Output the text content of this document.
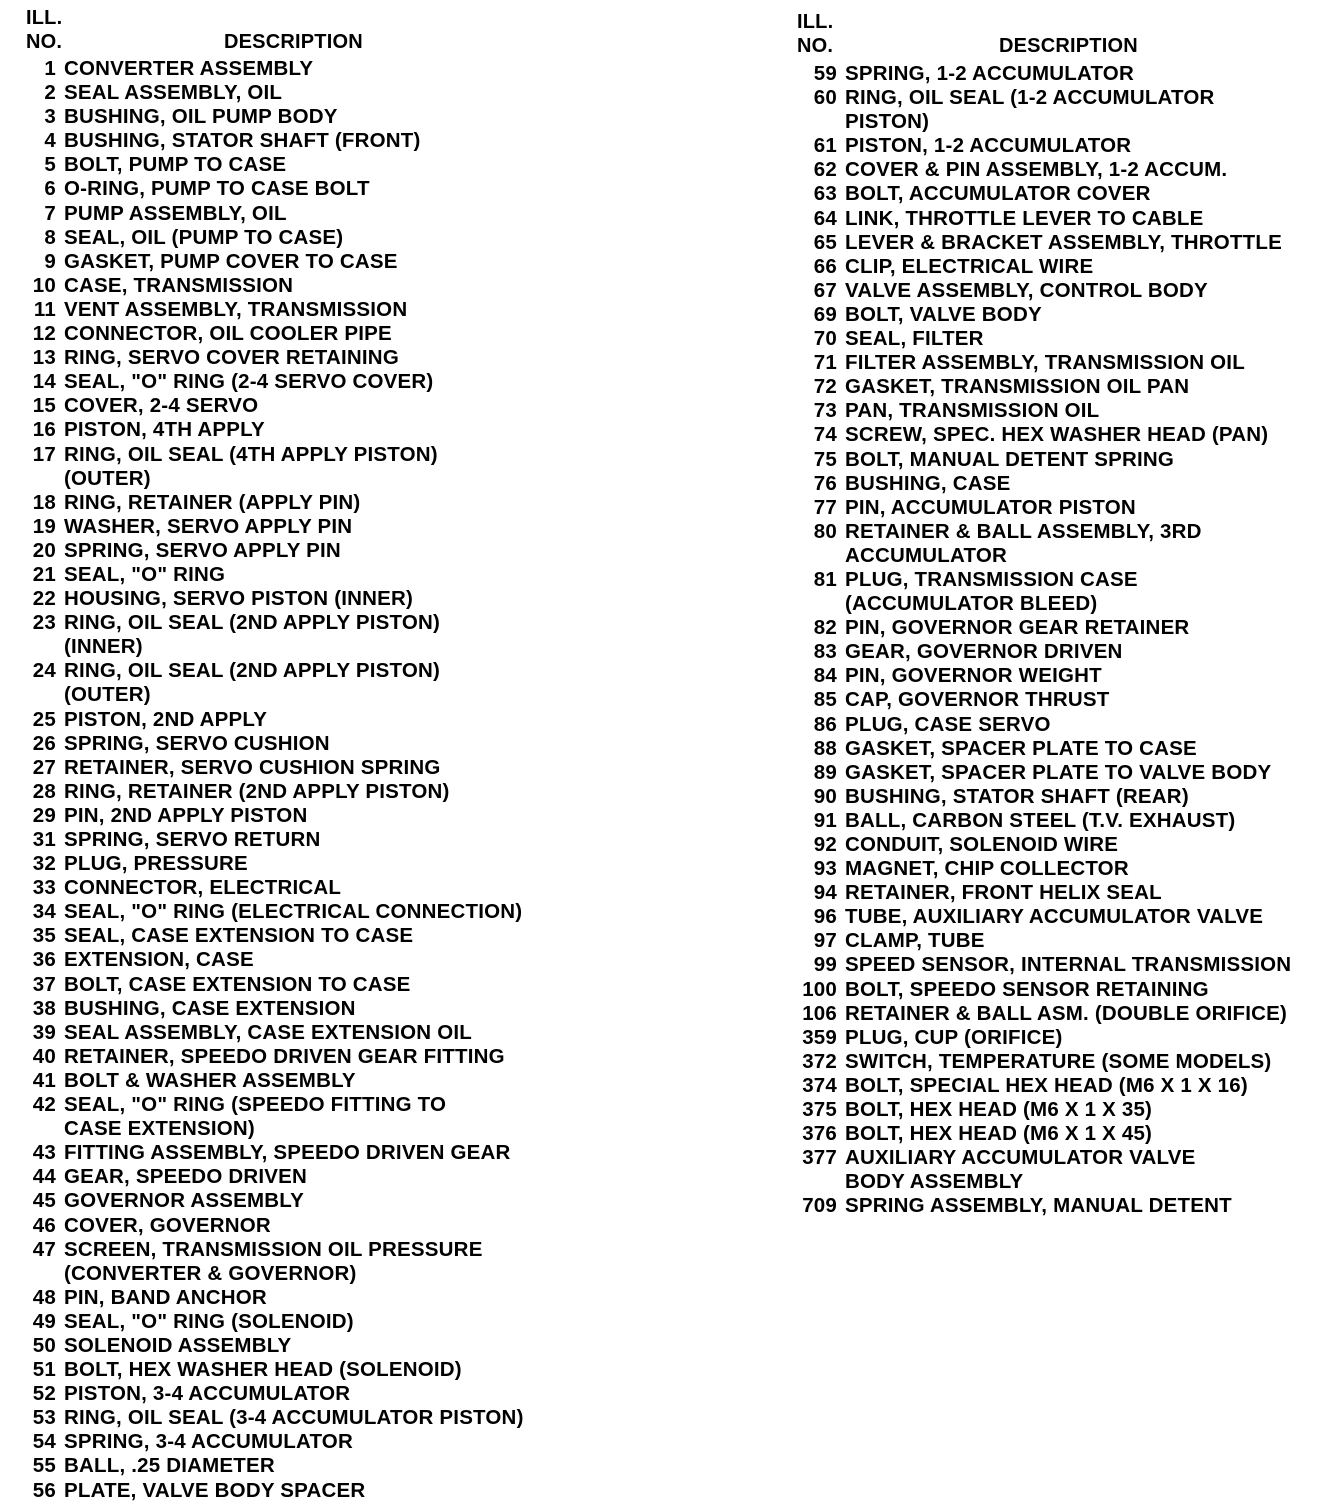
ILL.
NO.	DESCRIPTION
1 CONVERTER ASSEMBLY
2 SEAL ASSEMBLY, OIL
3 BUSHING, OIL PUMP BODY
4 BUSHING, STATOR SHAFT (FRONT)
5 BOLT, PUMP TO CASE
6 O-RING, PUMP TO CASE BOLT
7 PUMP ASSEMBLY, OIL
8 SEAL, OIL (PUMP TO CASE)
9 GASKET, PUMP COVER TO CASE
10 CASE, TRANSMISSION
11 VENT ASSEMBLY, TRANSMISSION
12 CONNECTOR, OIL COOLER PIPE
13 RING, SERVO COVER RETAINING
14 SEAL, "O" RING (2-4 SERVO COVER)
15 COVER, 2-4 SERVO
16 PISTON, 4TH APPLY
17 RING, OIL SEAL (4TH APPLY PISTON)
(OUTER)
18 RING, RETAINER (APPLY PIN)
19 WASHER, SERVO APPLY PIN
20 SPRING, SERVO APPLY PIN
21 SEAL, "O" RING
22 HOUSING, SERVO PISTON (INNER)
23 RING, OIL SEAL (2ND APPLY PISTON)
(INNER)
24 RING, OIL SEAL (2ND APPLY PISTON)
(OUTER)
25 PISTON, 2ND APPLY
26 SPRING, SERVO CUSHION
27 RETAINER, SERVO CUSHION SPRING
28 RING, RETAINER (2ND APPLY PISTON)
29 PIN, 2ND APPLY PISTON
31 SPRING, SERVO RETURN
32 PLUG, PRESSURE
33 CONNECTOR, ELECTRICAL
34 SEAL, "O" RING (ELECTRICAL CONNECTION)
35 SEAL, CASE EXTENSION TO CASE
36 EXTENSION, CASE
37 BOLT, CASE EXTENSION TO CASE
38 BUSHING, CASE EXTENSION
39 SEAL ASSEMBLY, CASE EXTENSION OIL
40 RETAINER, SPEEDO DRIVEN GEAR FITTING
41 BOLT & WASHER ASSEMBLY
42 SEAL, "O" RING (SPEEDO FITTING TO
CASE EXTENSION)
43 FITTING ASSEMBLY, SPEEDO DRIVEN GEAR
44 GEAR, SPEEDO DRIVEN
45 GOVERNOR ASSEMBLY
46 COVER, GOVERNOR
47 SCREEN, TRANSMISSION OIL PRESSURE
(CONVERTER & GOVERNOR)
48 PIN, BAND ANCHOR
49 SEAL, "O" RING (SOLENOID)
50 SOLENOID ASSEMBLY
51 BOLT, HEX WASHER HEAD (SOLENOID)
52 PISTON, 3-4 ACCUMULATOR
53 RING, OIL SEAL (3-4 ACCUMULATOR PISTON)
54 SPRING, 3-4 ACCUMULATOR
55 BALL, .25 DIAMETER
56 PLATE, VALVE BODY SPACER
ILL.
NO.	DESCRIPTION
59 SPRING, 1-2 ACCUMULATOR
60 RING, OIL SEAL (1-2 ACCUMULATOR
PISTON)
61 PISTON, 1-2 ACCUMULATOR
62 COVER & PIN ASSEMBLY, 1-2 ACCUM.
63 BOLT, ACCUMULATOR COVER
64 LINK, THROTTLE LEVER TO CABLE
65 LEVER & BRACKET ASSEMBLY, THROTTLE
66 CLIP, ELECTRICAL WIRE
67 VALVE ASSEMBLY, CONTROL BODY
69 BOLT, VALVE BODY
70 SEAL, FILTER
71 FILTER ASSEMBLY, TRANSMISSION OIL
72 GASKET, TRANSMISSION OIL PAN
73 PAN, TRANSMISSION OIL
74 SCREW, SPEC. HEX WASHER HEAD (PAN)
75 BOLT, MANUAL DETENT SPRING
76 BUSHING, CASE
77 PIN, ACCUMULATOR PISTON
80 RETAINER & BALL ASSEMBLY, 3RD
ACCUMULATOR
81 PLUG, TRANSMISSION CASE
(ACCUMULATOR BLEED)
82 PIN, GOVERNOR GEAR RETAINER
83 GEAR, GOVERNOR DRIVEN
84 PIN, GOVERNOR WEIGHT
85 CAP, GOVERNOR THRUST
86 PLUG, CASE SERVO
88 GASKET, SPACER PLATE TO CASE
89 GASKET, SPACER PLATE TO VALVE BODY
90 BUSHING, STATOR SHAFT (REAR)
91 BALL, CARBON STEEL (T.V. EXHAUST)
92 CONDUIT, SOLENOID WIRE
93 MAGNET, CHIP COLLECTOR
94 RETAINER, FRONT HELIX SEAL
96 TUBE, AUXILIARY ACCUMULATOR VALVE
97 CLAMP, TUBE
99 SPEED SENSOR, INTERNAL TRANSMISSION
100 BOLT, SPEEDO SENSOR RETAINING
106 RETAINER & BALL ASM. (DOUBLE ORIFICE)
359 PLUG, CUP (ORIFICE)
372 SWITCH, TEMPERATURE (SOME MODELS)
374 BOLT, SPECIAL HEX HEAD (M6 X 1 X 16)
375 BOLT, HEX HEAD (M6 X 1 X 35)
376 BOLT, HEX HEAD (M6 X 1 X 45)
377 AUXILIARY ACCUMULATOR VALVE
BODY ASSEMBLY
709 SPRING ASSEMBLY, MANUAL DETENT
